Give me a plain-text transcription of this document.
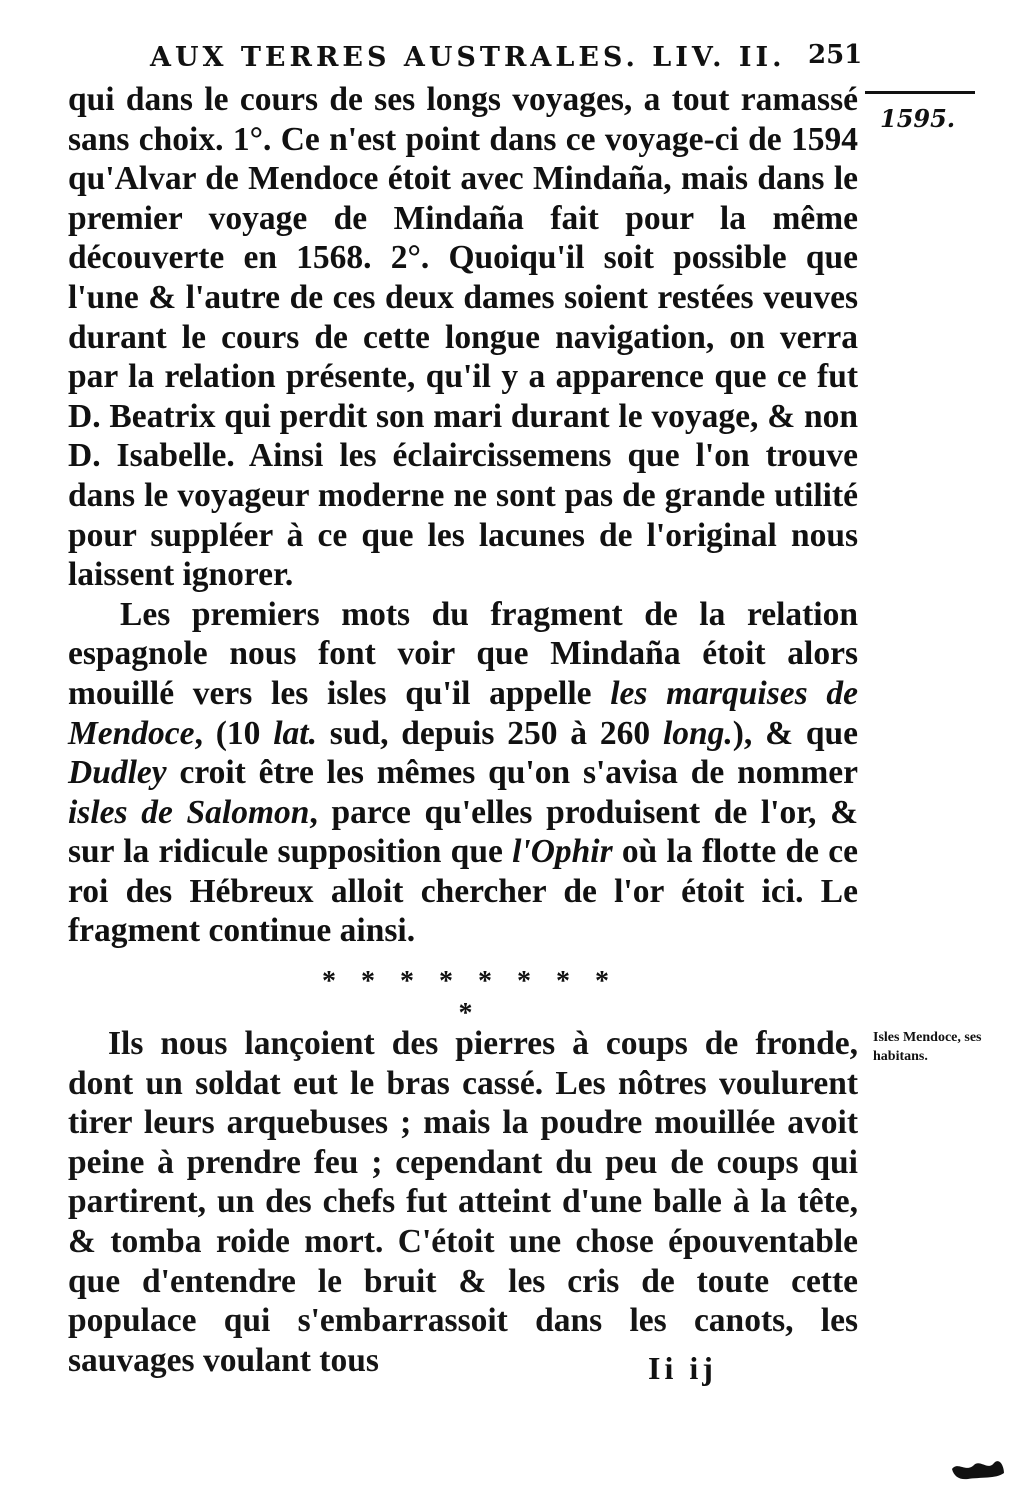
AUX TERRES AUSTRALES. LIV. II. 251
1595.

qui dans le cours de ses longs voyages, a tout ramassé sans choix. 1°. Ce n'est point dans ce voyage-ci de 1594 qu'Alvar de Mendoce étoit avec Mindaña, mais dans le premier voyage de Mindaña fait pour la même découverte en 1568. 2°. Quoiqu'il soit possible que l'une & l'autre de ces deux dames soient restées veuves durant le cours de cette longue navigation, on verra par la relation présente, qu'il y a apparence que ce fut D. Beatrix qui perdit son mari durant le voyage, & non D. Isabelle. Ainsi les éclaircissemens que l'on trouve dans le voyageur moderne ne sont pas de grande utilité pour suppléer à ce que les lacunes de l'original nous laissent ignorer.

Les premiers mots du fragment de la relation espagnole nous font voir que Mindaña étoit alors mouillé vers les isles qu'il appelle les marquises de Mendoce, (10 lat. sud, depuis 250 à 260 long.), & que Dudley croit être les mêmes qu'on s'avisa de nommer isles de Salomon, parce qu'elles produisent de l'or, & sur la ridicule supposition que l'Ophir où la flotte de ce roi des Hébreux alloit chercher de l'or étoit ici. Le fragment continue ainsi.

* * * * * * * * *

Ils nous lançoient des pierres à coups de fronde, dont un soldat eut le bras cassé. Les nôtres voulurent tirer leurs arquebuses ; mais la poudre mouillée avoit peine à prendre feu ; cependant du peu de coups qui partirent, un des chefs fut atteint d'une balle à la tête, & tomba roide mort. C'étoit une chose épouventable que d'entendre le bruit & les cris de toute cette populace qui s'embarrassoit dans les canots, les sauvages voulant tous

Isles Mendoce, ses
habitans.
Ii ij
